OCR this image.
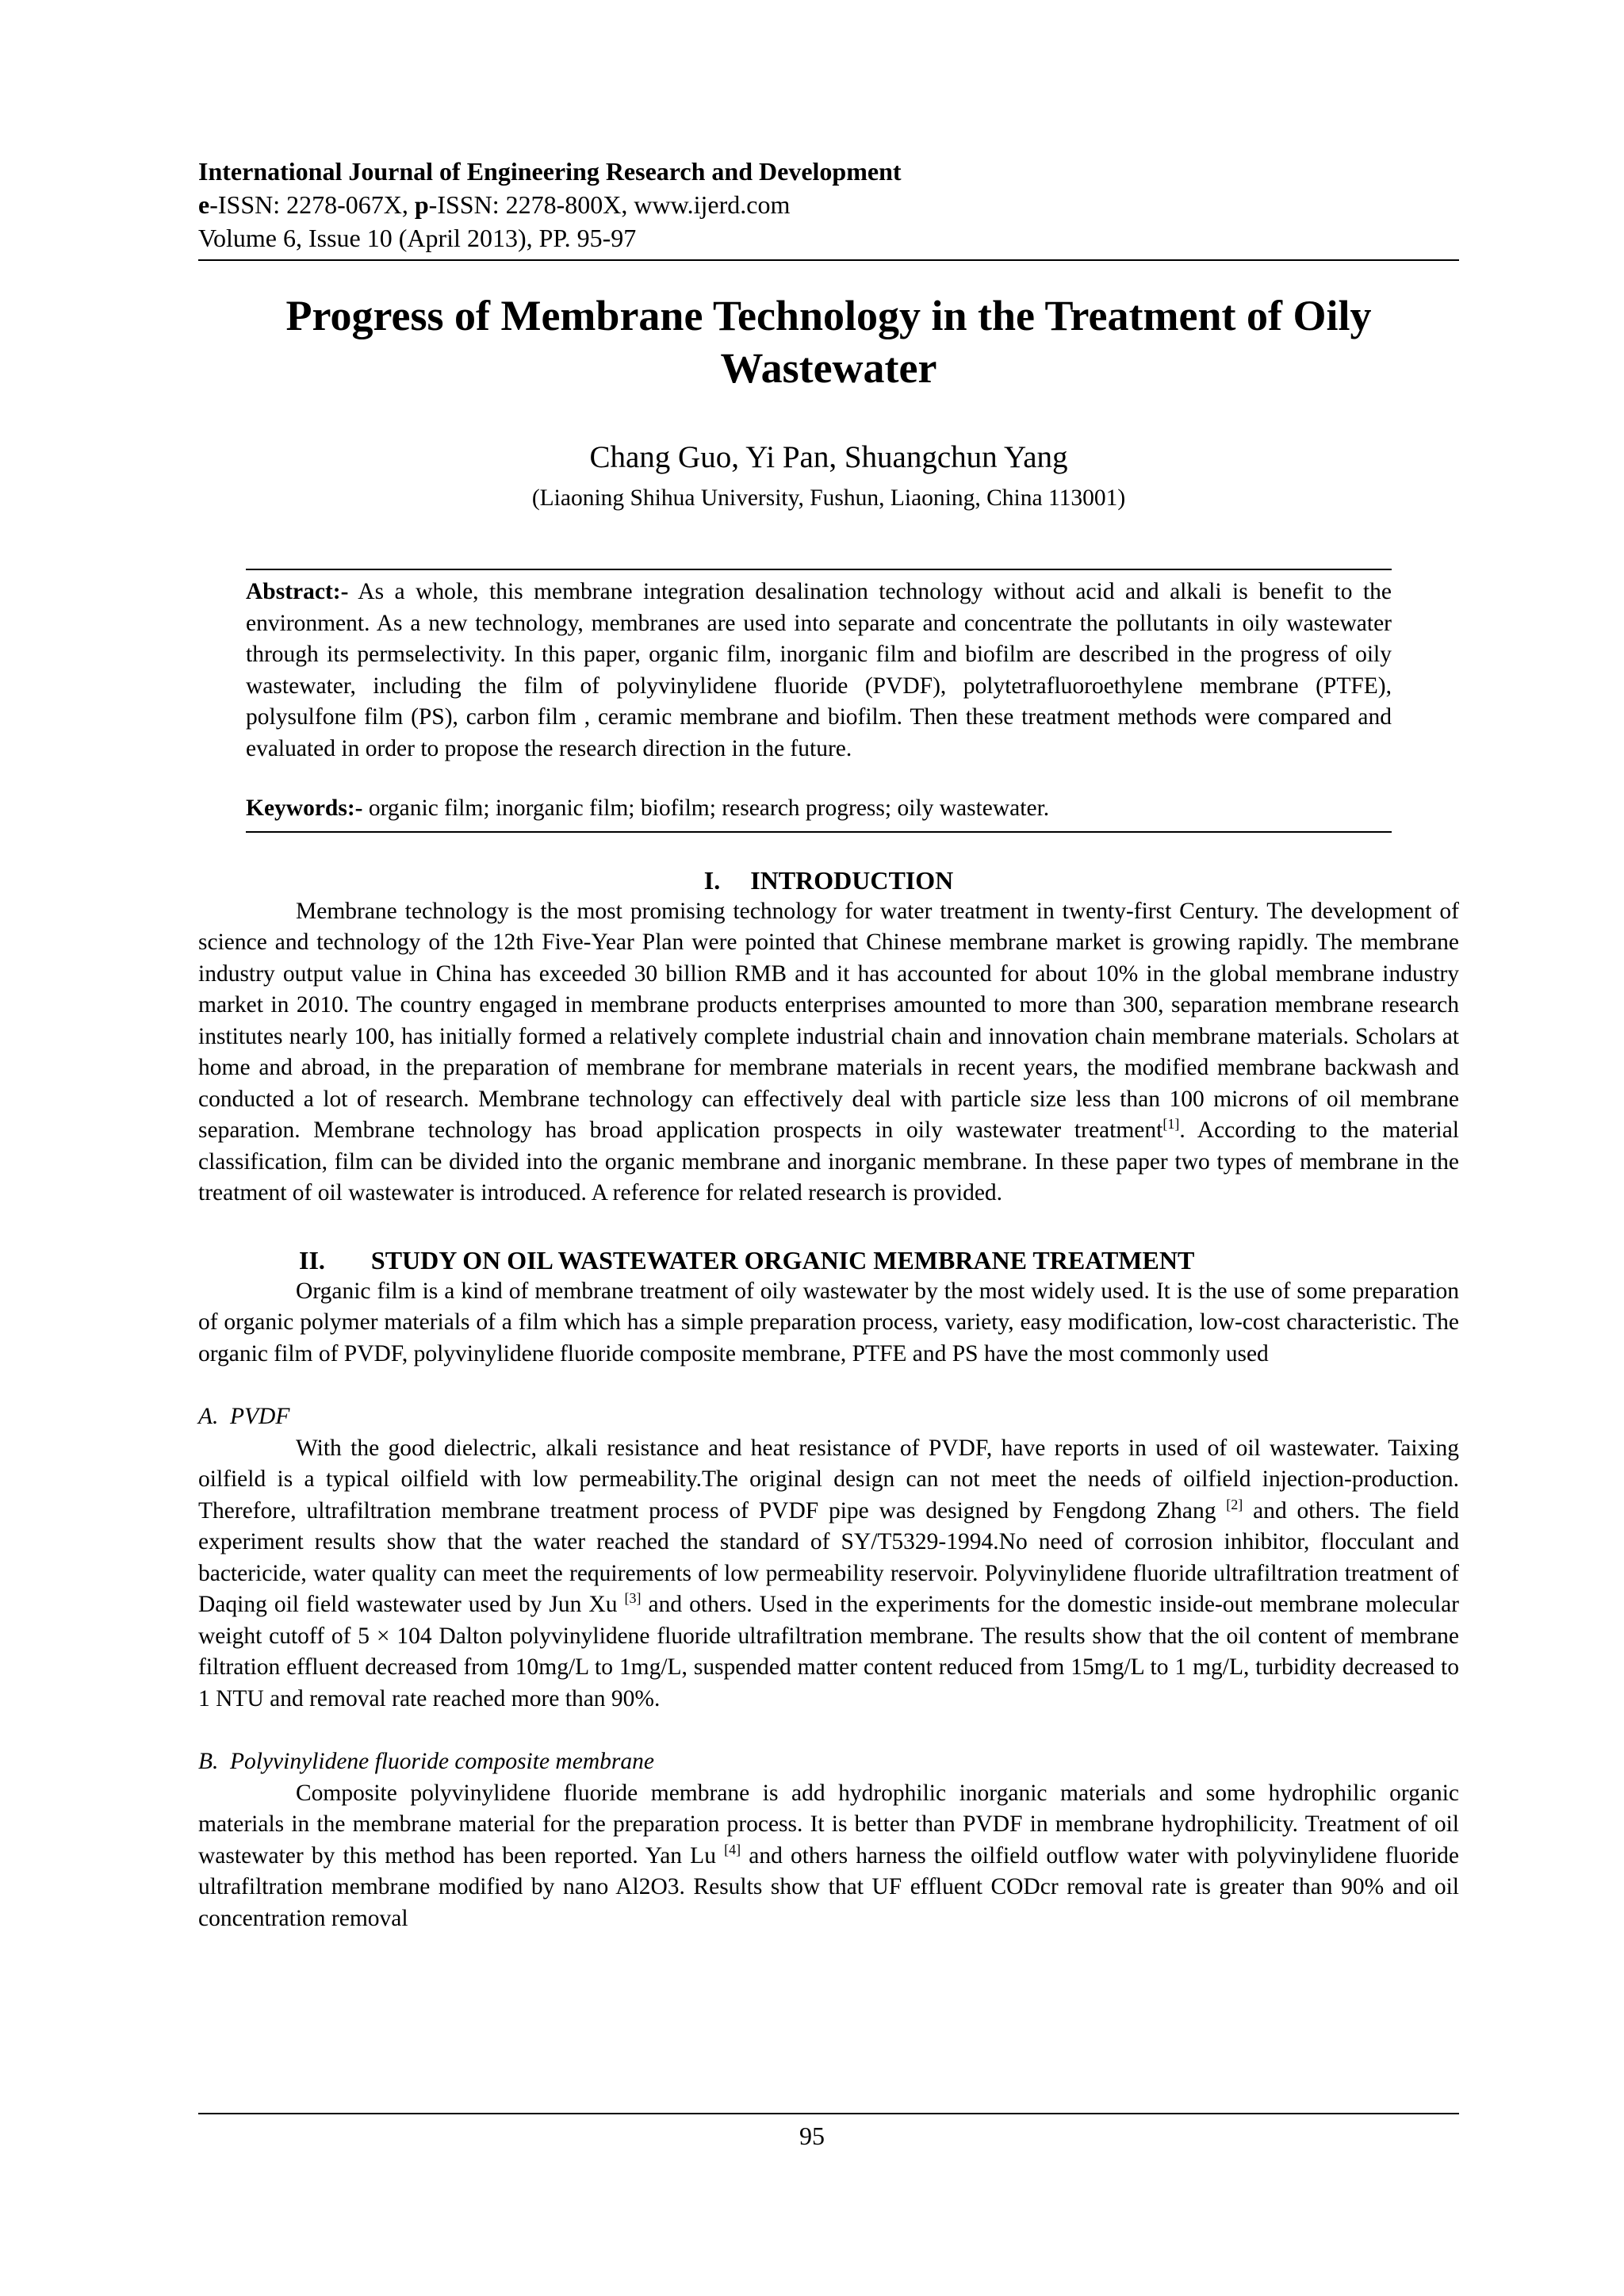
International Journal of Engineering Research and Development
e-ISSN: 2278-067X, p-ISSN: 2278-800X, www.ijerd.com
Volume 6, Issue 10 (April 2013), PP. 95-97
Progress of Membrane Technology in the Treatment of Oily Wastewater
Chang Guo, Yi Pan, Shuangchun Yang
(Liaoning Shihua University, Fushun, Liaoning, China 113001)

Abstract:- As a whole, this membrane integration desalination technology without acid and alkali is benefit to the environment. As a new technology, membranes are used into separate and concentrate the pollutants in oily wastewater through its permselectivity. In this paper, organic film, inorganic film and biofilm are described in the progress of oily wastewater, including the film of polyvinylidene fluoride (PVDF), polytetrafluoroethylene membrane (PTFE), polysulfone film (PS), carbon film , ceramic membrane and biofilm. Then these treatment methods were compared and evaluated in order to propose the research direction in the future.

Keywords:- organic film; inorganic film; biofilm; research progress; oily wastewater.

I. INTRODUCTION

Membrane technology is the most promising technology for water treatment in twenty-first Century. The development of science and technology of the 12th Five-Year Plan were pointed that Chinese membrane market is growing rapidly. The membrane industry output value in China has exceeded 30 billion RMB and it has accounted for about 10% in the global membrane industry market in 2010. The country engaged in membrane products enterprises amounted to more than 300, separation membrane research institutes nearly 100, has initially formed a relatively complete industrial chain and innovation chain membrane materials. Scholars at home and abroad, in the preparation of membrane for membrane materials in recent years, the modified membrane backwash and conducted a lot of research. Membrane technology can effectively deal with particle size less than 100 microns of oil membrane separation. Membrane technology has broad application prospects in oily wastewater treatment[1]. According to the material classification, film can be divided into the organic membrane and inorganic membrane. In these paper two types of membrane in the treatment of oil wastewater is introduced. A reference for related research is provided.

II. STUDY ON OIL WASTEWATER ORGANIC MEMBRANE TREATMENT

Organic film is a kind of membrane treatment of oily wastewater by the most widely used. It is the use of some preparation of organic polymer materials of a film which has a simple preparation process, variety, easy modification, low-cost characteristic. The organic film of PVDF, polyvinylidene fluoride composite membrane, PTFE and PS have the most commonly used

A. PVDF

With the good dielectric, alkali resistance and heat resistance of PVDF, have reports in used of oil wastewater. Taixing oilfield is a typical oilfield with low permeability.The original design can not meet the needs of oilfield injection-production. Therefore, ultrafiltration membrane treatment process of PVDF pipe was designed by Fengdong Zhang [2] and others. The field experiment results show that the water reached the standard of SY/T5329-1994.No need of corrosion inhibitor, flocculant and bactericide, water quality can meet the requirements of low permeability reservoir. Polyvinylidene fluoride ultrafiltration treatment of Daqing oil field wastewater used by Jun Xu [3] and others. Used in the experiments for the domestic inside-out membrane molecular weight cutoff of 5 × 104 Dalton polyvinylidene fluoride ultrafiltration membrane. The results show that the oil content of membrane filtration effluent decreased from 10mg/L to 1mg/L, suspended matter content reduced from 15mg/L to 1 mg/L, turbidity decreased to 1 NTU and removal rate reached more than 90%.

B. Polyvinylidene fluoride composite membrane

Composite polyvinylidene fluoride membrane is add hydrophilic inorganic materials and some hydrophilic organic materials in the membrane material for the preparation process. It is better than PVDF in membrane hydrophilicity. Treatment of oil wastewater by this method has been reported. Yan Lu [4] and others harness the oilfield outflow water with polyvinylidene fluoride ultrafiltration membrane modified by nano Al2O3. Results show that UF effluent CODcr removal rate is greater than 90% and oil concentration removal

95
